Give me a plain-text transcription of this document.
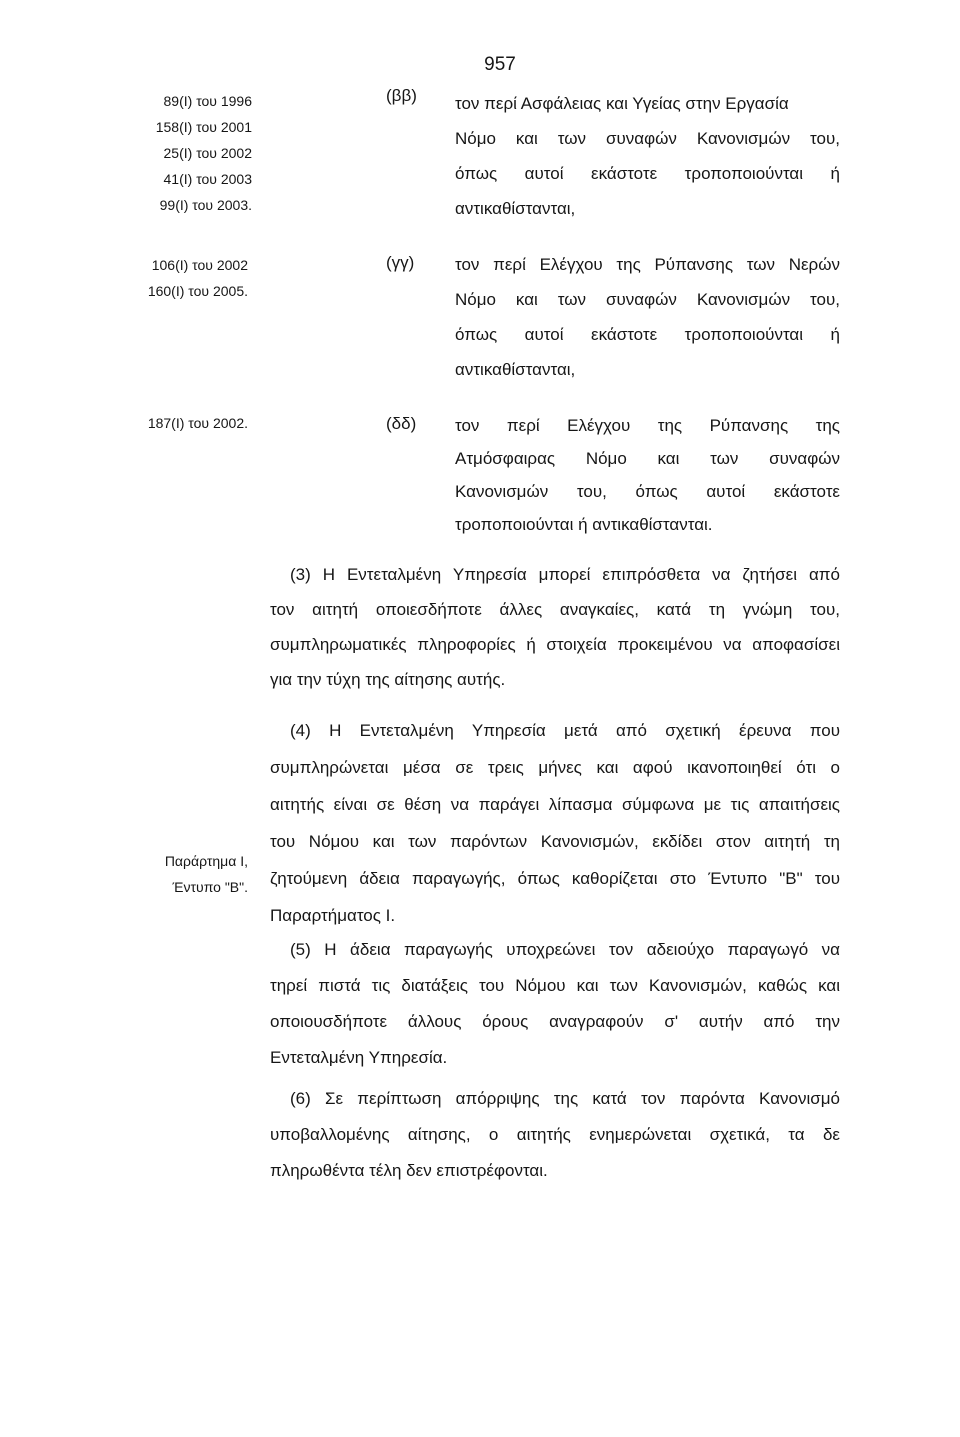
957
89(I) του 1996
158(I) του 2001
25(I) του 2002
41(I) του 2003
99(I) του 2003.
106(I) του 2002
160(I) του 2005.
187(I) του 2002.
Παράρτημα Ι,
Έντυπο "Β".
(ββ) τον περί Ασφάλειας και Υγείας στην Εργασία
Νόμο και των συναφών Κανονισμών του,
όπως αυτοί εκάστοτε τροποποιούνται ή
αντικαθίστανται,
(γγ) τον περί Ελέγχου της Ρύπανσης των Νερών
Νόμο και των συναφών Κανονισμών του,
όπως αυτοί εκάστοτε τροποποιούνται ή
αντικαθίστανται,
(δδ) τον περί Ελέγχου της Ρύπανσης της
Ατμόσφαιρας Νόμο και των συναφών
Κανονισμών του, όπως αυτοί εκάστοτε
τροποποιούνται ή αντικαθίστανται.
(3) Η Εντεταλμένη Υπηρεσία μπορεί επιπρόσθετα να ζητήσει από
τον αιτητή οποιεσδήποτε άλλες αναγκαίες, κατά τη γνώμη του,
συμπληρωματικές πληροφορίες ή στοιχεία προκειμένου να αποφασίσει
για την τύχη της αίτησης αυτής.
(4) Η Εντεταλμένη Υπηρεσία μετά από σχετική έρευνα που
συμπληρώνεται μέσα σε τρεις μήνες και αφού ικανοποιηθεί ότι ο
αιτητής είναι σε θέση να παράγει λίπασμα σύμφωνα με τις απαιτήσεις
του Νόμου και των παρόντων Κανονισμών, εκδίδει στον αιτητή τη
ζητούμενη άδεια παραγωγής, όπως καθορίζεται στο Έντυπο "Β" του
Παραρτήματος Ι.
(5) Η άδεια παραγωγής υποχρεώνει τον αδειούχο παραγωγό να
τηρεί πιστά τις διατάξεις του Νόμου και των Κανονισμών, καθώς και
οποιουσδήποτε άλλους όρους αναγραφούν σ' αυτήν από την
Εντεταλμένη Υπηρεσία.
(6) Σε περίπτωση απόρριψης της κατά τον παρόντα Κανονισμό
υποβαλλομένης αίτησης, ο αιτητής ενημερώνεται σχετικά, τα δε
πληρωθέντα τέλη δεν επιστρέφονται.
